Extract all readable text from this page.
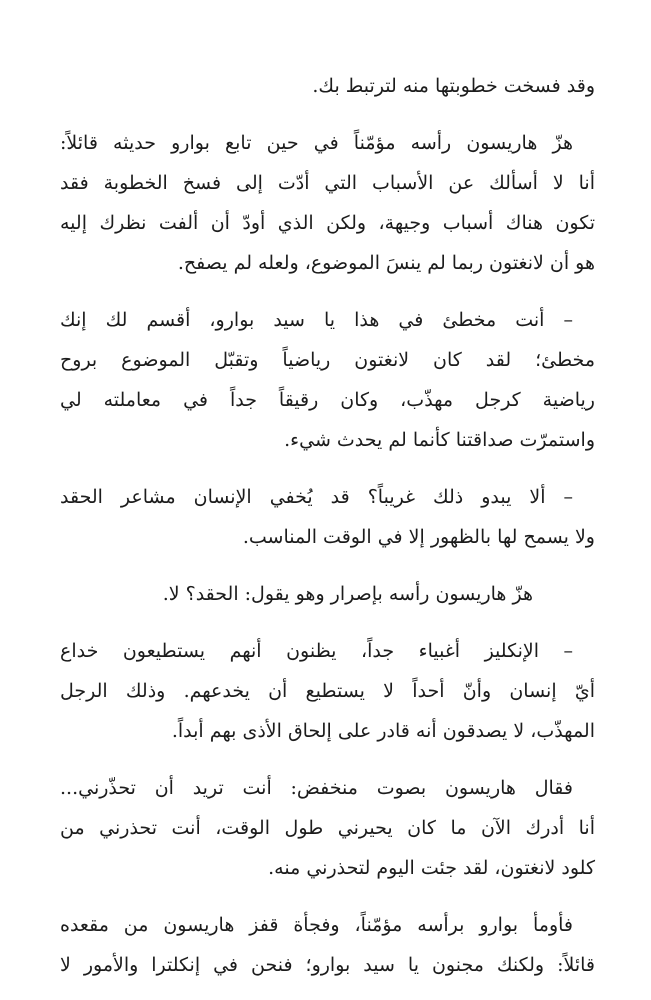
وقد فسخت خطوبتها منه لترتبط بك.

هزّ هاريسون رأسه مؤمّناً في حين تابع بوارو حديثه قائلاً:
أنا لا أسألك عن الأسباب التي أدّت إلى فسخ الخطوبة فقد
تكون هناك أسباب وجيهة، ولكن الذي أودّ أن ألفت نظرك إليه
هو أن لانغتون ربما لم ينسَ الموضوع، ولعله لم يصفح.

– أنت مخطئ في هذا يا سيد بوارو، أقسم لك إنك
مخطئ؛ لقد كان لانغتون رياضياً وتقبّل الموضوع بروح
رياضية كرجل مهذّب، وكان رقيقاً جداً في معاملته لي
واستمرّت صداقتنا كأنما لم يحدث شيء.

– ألا يبدو ذلك غريباً؟ قد يُخفي الإنسان مشاعر الحقد
ولا يسمح لها بالظهور إلا في الوقت المناسب.

هزّ هاريسون رأسه بإصرار وهو يقول: الحقد؟ لا.

– الإنكليز أغبياء جداً، يظنون أنهم يستطيعون خداع
أيّ إنسان وأنّ أحداً لا يستطيع أن يخدعهم. وذلك الرجل
المهذّب، لا يصدقون أنه قادر على إلحاق الأذى بهم أبداً.

فقال هاريسون بصوت منخفض: أنت تريد أن تحذّرني...
أنا أدرك الآن ما كان يحيرني طول الوقت، أنت تحذرني من
كلود لانغتون، لقد جئت اليوم لتحذرني منه.

فأومأ بوارو برأسه مؤمّناً، وفجأة قفز هاريسون من مقعده
قائلاً: ولكنك مجنون يا سيد بوارو؛ فنحن في إنكلترا والأمور لا
